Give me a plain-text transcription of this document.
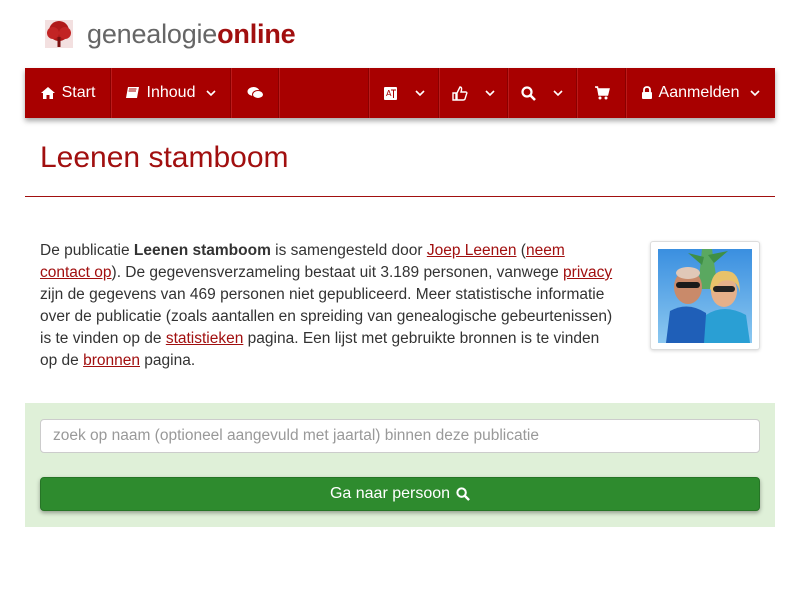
genealogieonline
Start	Inhoud	A	Aanmelden
Leenen stamboom

De publicatie Leenen stamboom is samengesteld door Joep Leenen (neem contact op). De gegevensverzameling bestaat uit 3.189 personen, vanwege privacy zijn de gegevens van 469 personen niet gepubliceerd. Meer statistische informatie over de publicatie (zoals aantallen en spreiding van genealogische gebeurtenissen) is te vinden op de statistieken pagina. Een lijst met gebruikte bronnen is te vinden op de bronnen pagina.

zoek op naam (optioneel aangevuld met jaartal) binnen deze publicatie
Ga naar persoon
